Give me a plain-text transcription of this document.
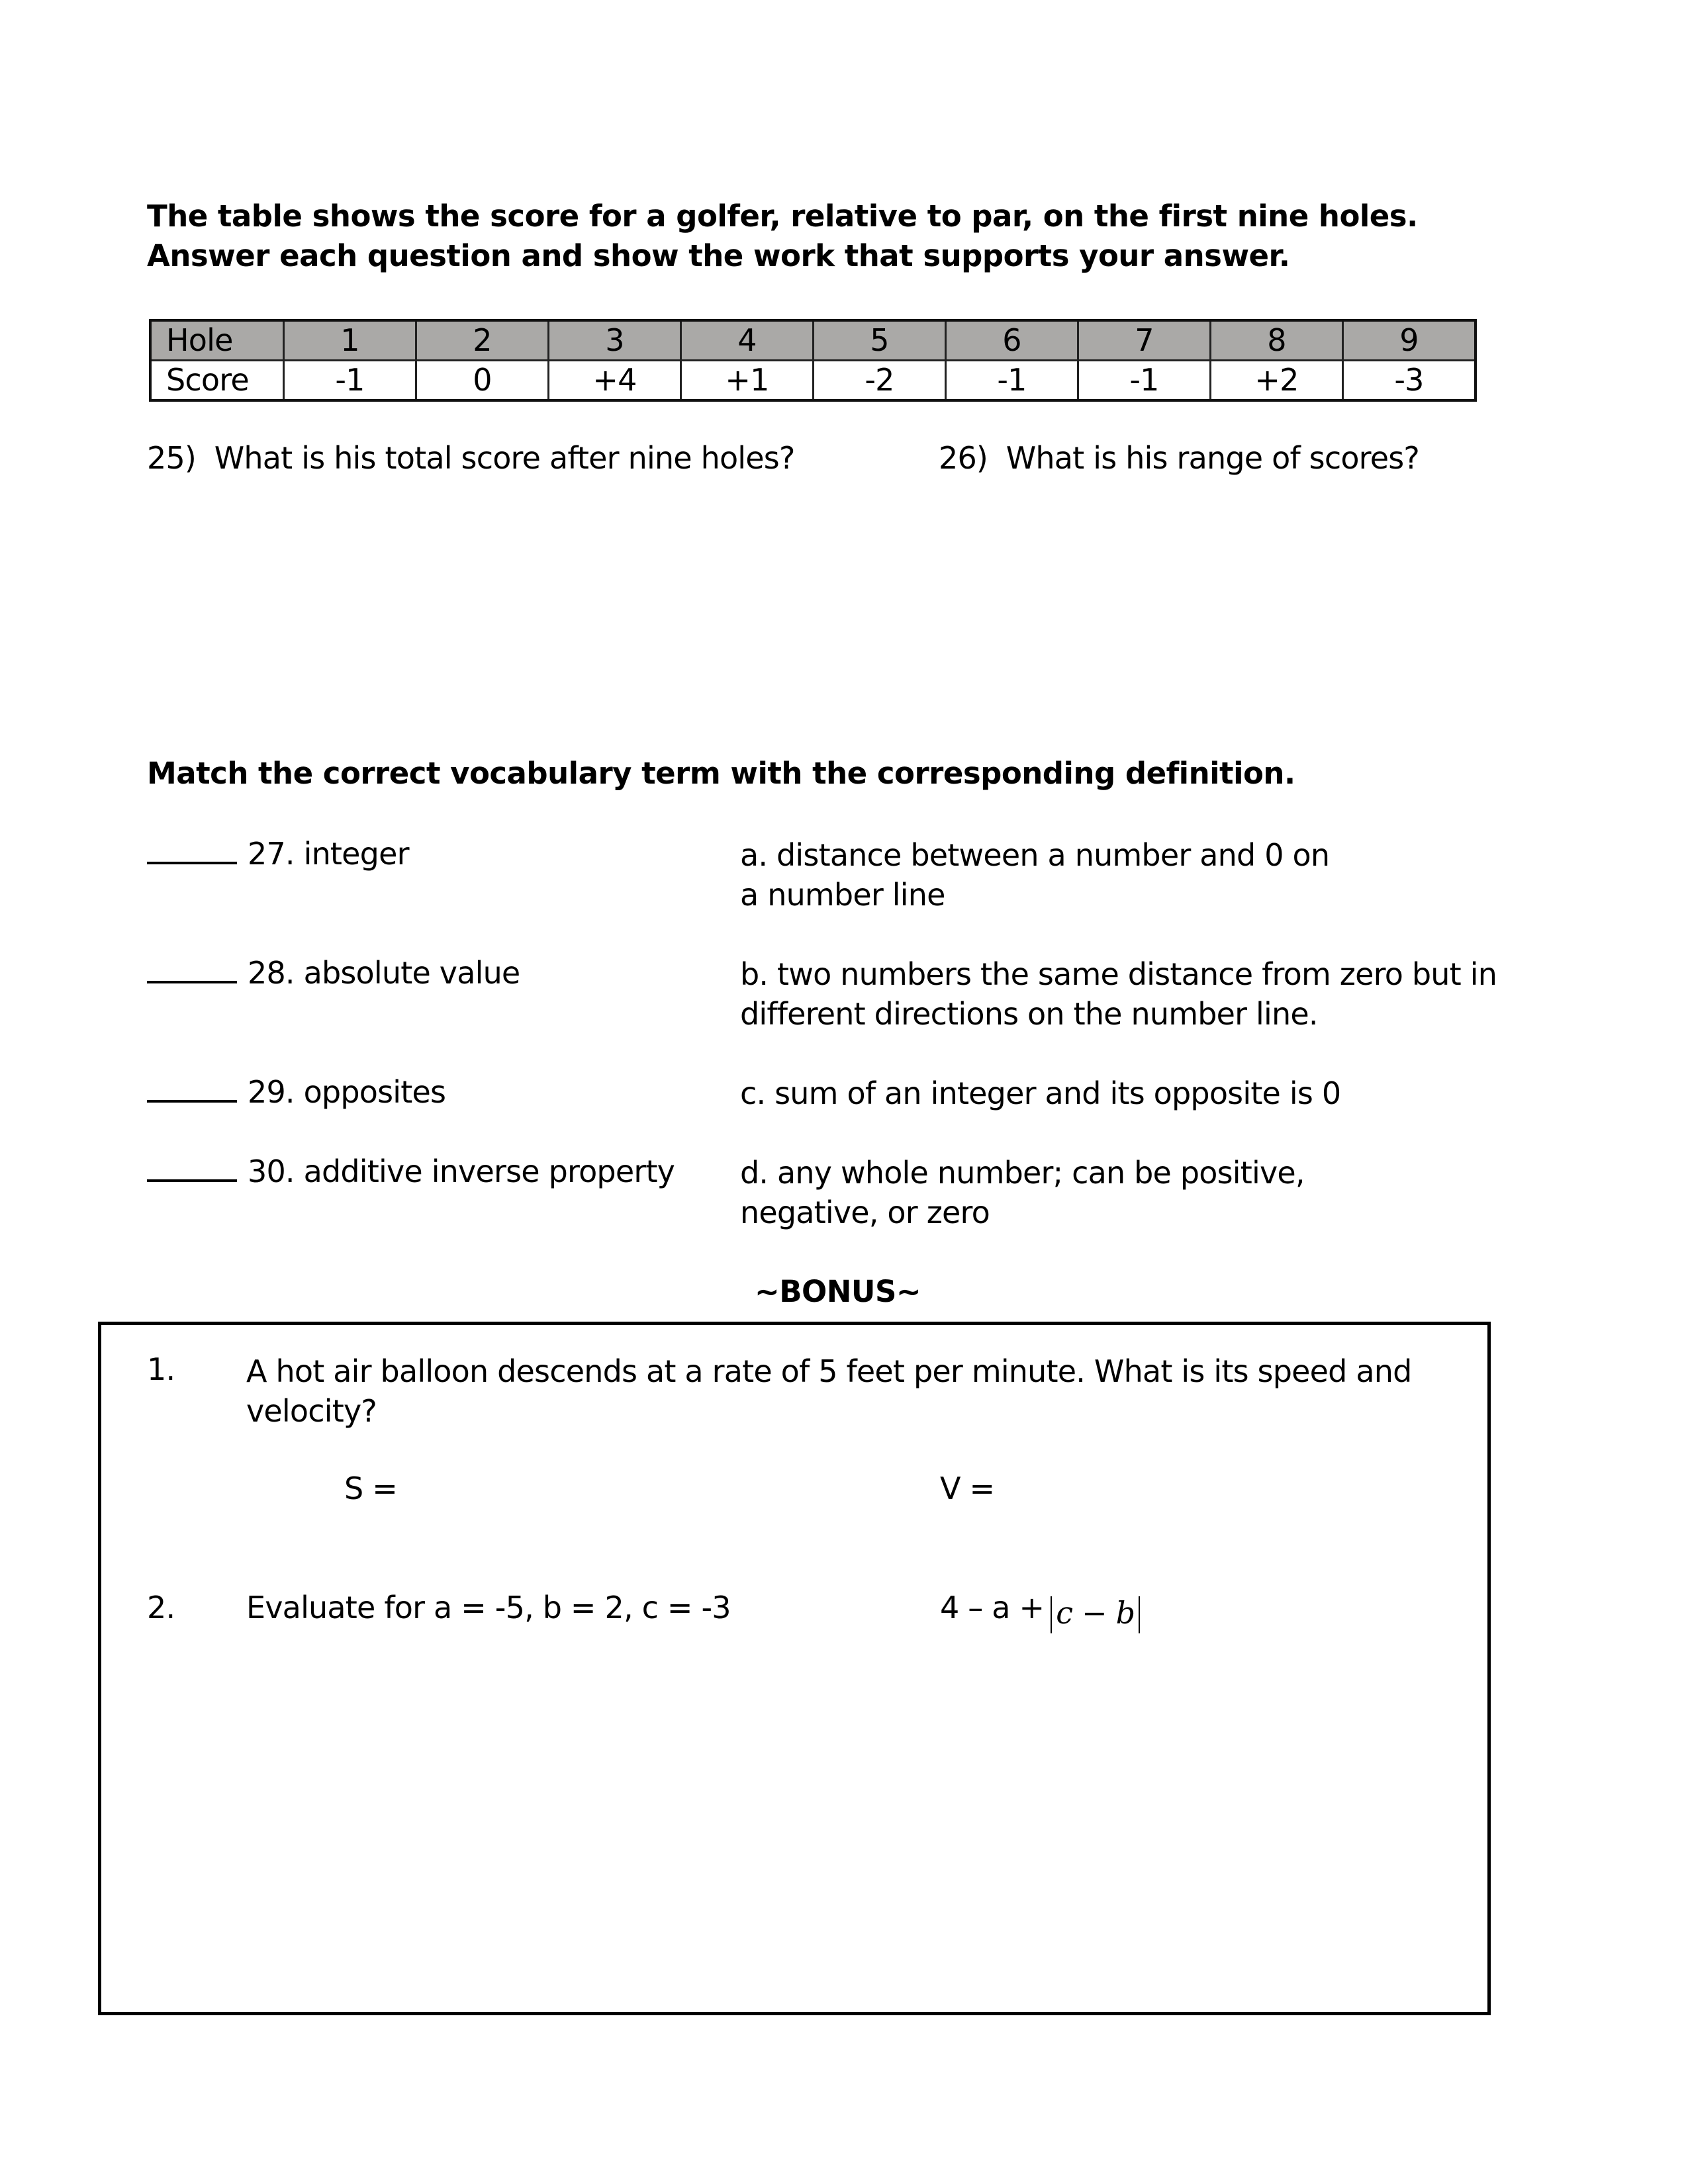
The table shows the score for a golfer, relative to par, on the first nine holes.
Answer each question and show the work that supports your answer.
Hole	1	2	3	4	5	6	7	8	9
Score	-1	0	+4	+1	-2	-1	-1	+2	-3
25) What is his total score after nine holes?	26) What is his range of scores?
Match the correct vocabulary term with the corresponding definition.
27. integer
28. absolute value
29. opposites
30. additive inverse property
a. distance between a number and 0 on
a number line
b. two numbers the same distance from zero but in
different directions on the number line.
c. sum of an integer and its opposite is 0
d. any whole number; can be positive,
negative, or zero
~BONUS~
1. A hot air balloon descends at a rate of 5 feet per minute. What is its speed and
velocity?
S =	V =
2. Evaluate for a = -5, b = 2, c = -3	4 – a + c − b
